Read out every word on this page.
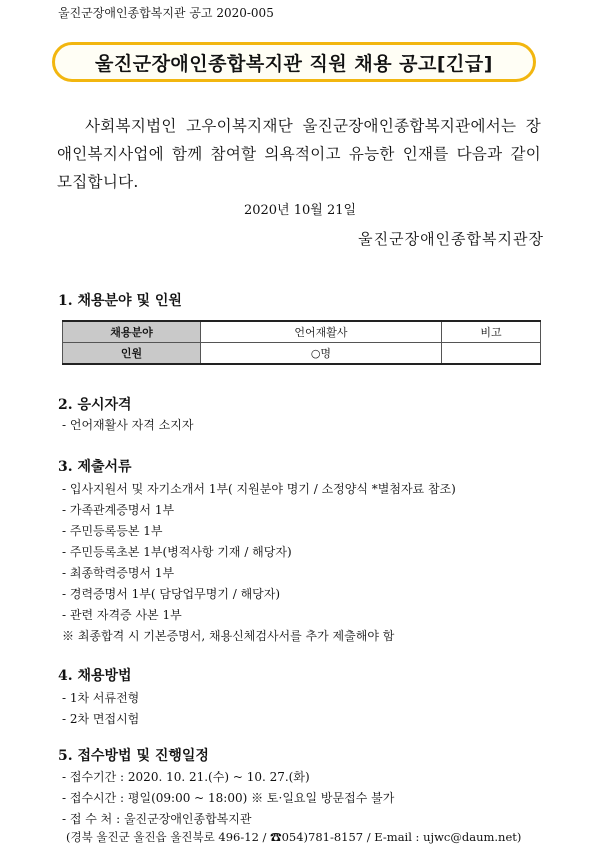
울진군장애인종합복지관 공고 2020-005
울진군장애인종합복지관 직원 채용 공고[긴급]
사회복지법인 고우이복지재단 울진군장애인종합복지관에서는 장애인복지사업에 함께 참여할 의욕적이고 유능한 인재를 다음과 같이 모집합니다.
2020년 10월 21일
울진군장애인종합복지관장
1. 채용분야 및 인원
채용분야	언어재활사	비고
인원	○명	
2. 응시자격
- 언어재활사 자격 소지자
3. 제출서류
- 입사지원서 및 자기소개서 1부( 지원분야 명기 / 소정양식 *별첨자료 참조)
- 가족관계증명서 1부
- 주민등록등본 1부
- 주민등록초본 1부(병적사항 기재 / 해당자)
- 최종학력증명서 1부
- 경력증명서 1부( 담당업무명기 / 해당자)
- 관련 자격증 사본 1부
※ 최종합격 시 기본증명서, 채용신체검사서를 추가 제출해야 함
4. 채용방법
- 1차 서류전형
- 2차 면접시험
5. 접수방법 및 진행일정
- 접수기간 : 2020. 10. 21.(수) ~ 10. 27.(화)
- 접수시간 : 평일(09:00 ~ 18:00) ※ 토·일요일 방문접수 불가
- 접 수 처 : 울진군장애인종합복지관
(경북 울진군 울진읍 울진북로 496-12 / ☎054)781-8157 / E-mail : ujwc@daum.net)
